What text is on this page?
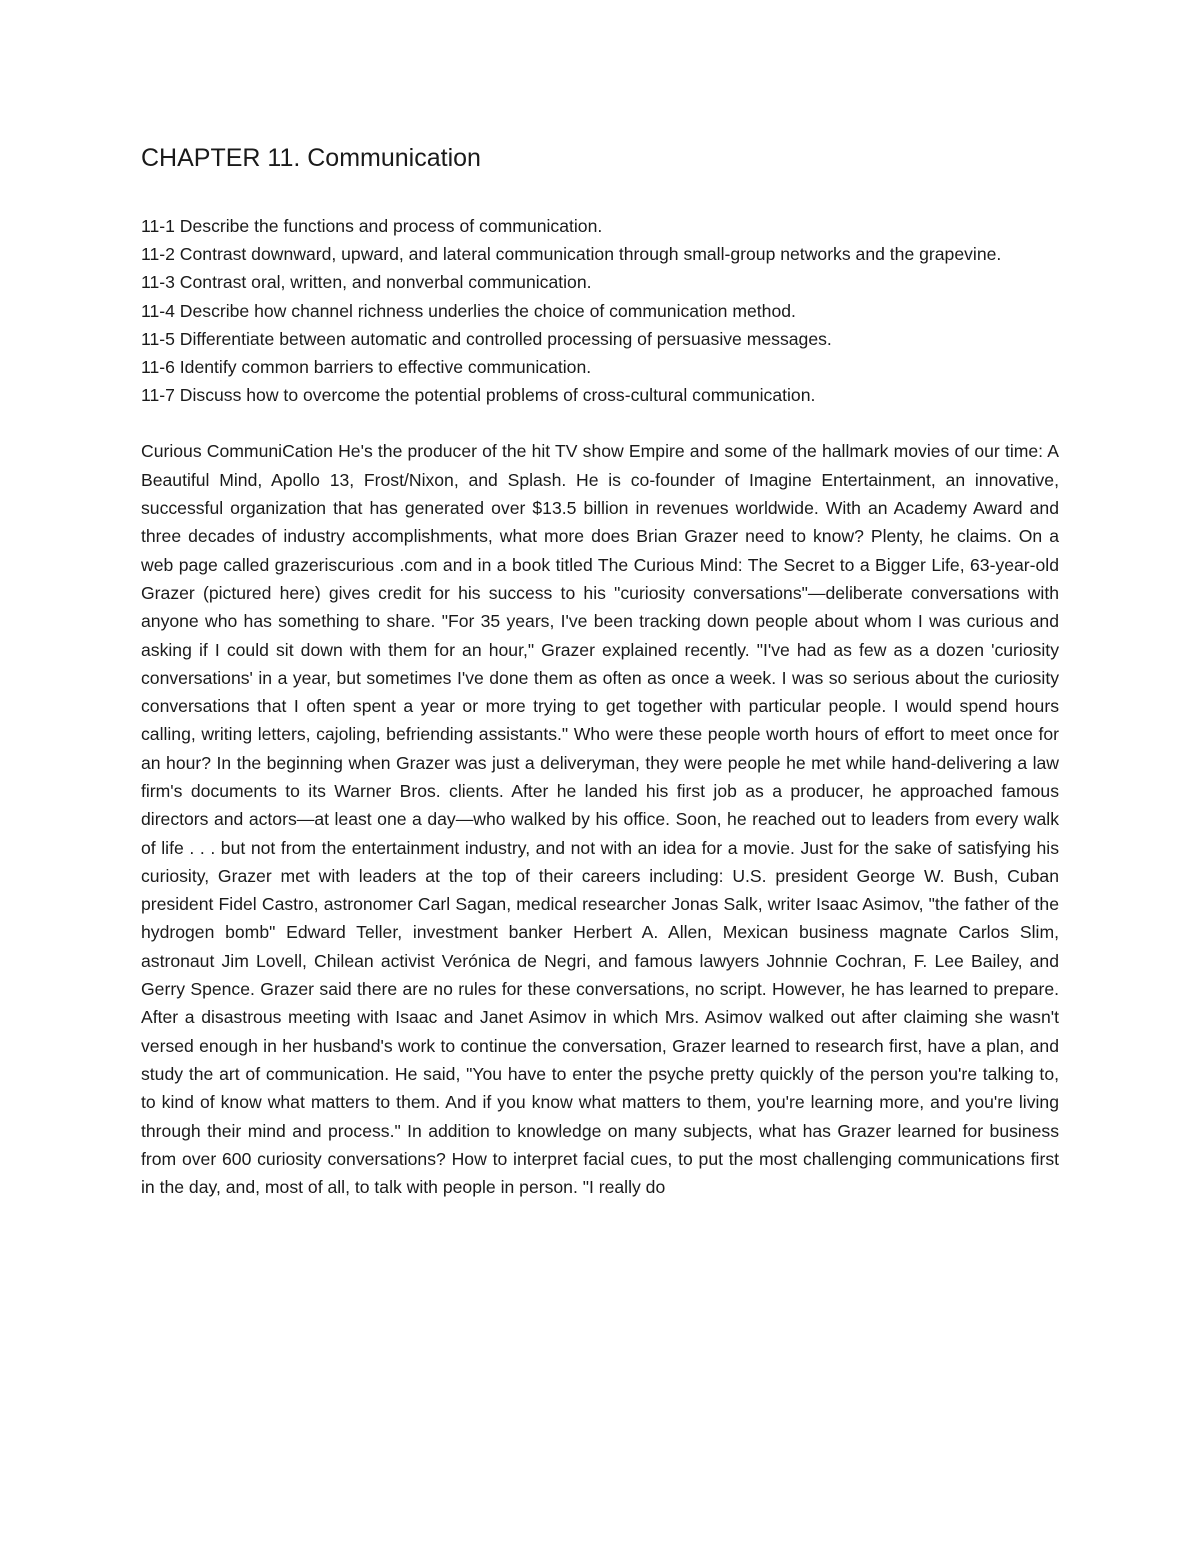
CHAPTER 11. Communication
11-1 Describe the functions and process of communication.
11-2 Contrast downward, upward, and lateral communication through small-group networks and the grapevine.
11-3 Contrast oral, written, and nonverbal communication.
11-4 Describe how channel richness underlies the choice of communication method.
11-5 Differentiate between automatic and controlled processing of persuasive messages.
11-6 Identify common barriers to effective communication.
11-7 Discuss how to overcome the potential problems of cross-cultural communication.

Curious CommuniCation He's the producer of the hit TV show Empire and some of the hallmark movies of our time: A Beautiful Mind, Apollo 13, Frost/Nixon, and Splash. He is co-founder of Imagine Entertainment, an innovative, successful organization that has generated over $13.5 billion in revenues worldwide. With an Academy Award and three decades of industry accomplishments, what more does Brian Grazer need to know? Plenty, he claims. On a web page called grazeriscurious .com and in a book titled The Curious Mind: The Secret to a Bigger Life, 63-year-old Grazer (pictured here) gives credit for his success to his "curiosity conversations"—deliberate conversations with anyone who has something to share. "For 35 years, I've been tracking down people about whom I was curious and asking if I could sit down with them for an hour," Grazer explained recently. "I've had as few as a dozen 'curiosity conversations' in a year, but sometimes I've done them as often as once a week. I was so serious about the curiosity conversations that I often spent a year or more trying to get together with particular people. I would spend hours calling, writing letters, cajoling, befriending assistants." Who were these people worth hours of effort to meet once for an hour? In the beginning when Grazer was just a deliveryman, they were people he met while hand-delivering a law firm's documents to its Warner Bros. clients. After he landed his first job as a producer, he approached famous directors and actors—at least one a day—who walked by his office. Soon, he reached out to leaders from every walk of life . . . but not from the entertainment industry, and not with an idea for a movie. Just for the sake of satisfying his curiosity, Grazer met with leaders at the top of their careers including: U.S. president George W. Bush, Cuban president Fidel Castro, astronomer Carl Sagan, medical researcher Jonas Salk, writer Isaac Asimov, "the father of the hydrogen bomb" Edward Teller, investment banker Herbert A. Allen, Mexican business magnate Carlos Slim, astronaut Jim Lovell, Chilean activist Verónica de Negri, and famous lawyers Johnnie Cochran, F. Lee Bailey, and Gerry Spence. Grazer said there are no rules for these conversations, no script. However, he has learned to prepare. After a disastrous meeting with Isaac and Janet Asimov in which Mrs. Asimov walked out after claiming she wasn't versed enough in her husband's work to continue the conversation, Grazer learned to research first, have a plan, and study the art of communication. He said, "You have to enter the psyche pretty quickly of the person you're talking to, to kind of know what matters to them. And if you know what matters to them, you're learning more, and you're living through their mind and process." In addition to knowledge on many subjects, what has Grazer learned for business from over 600 curiosity conversations? How to interpret facial cues, to put the most challenging communications first in the day, and, most of all, to talk with people in person. "I really do
